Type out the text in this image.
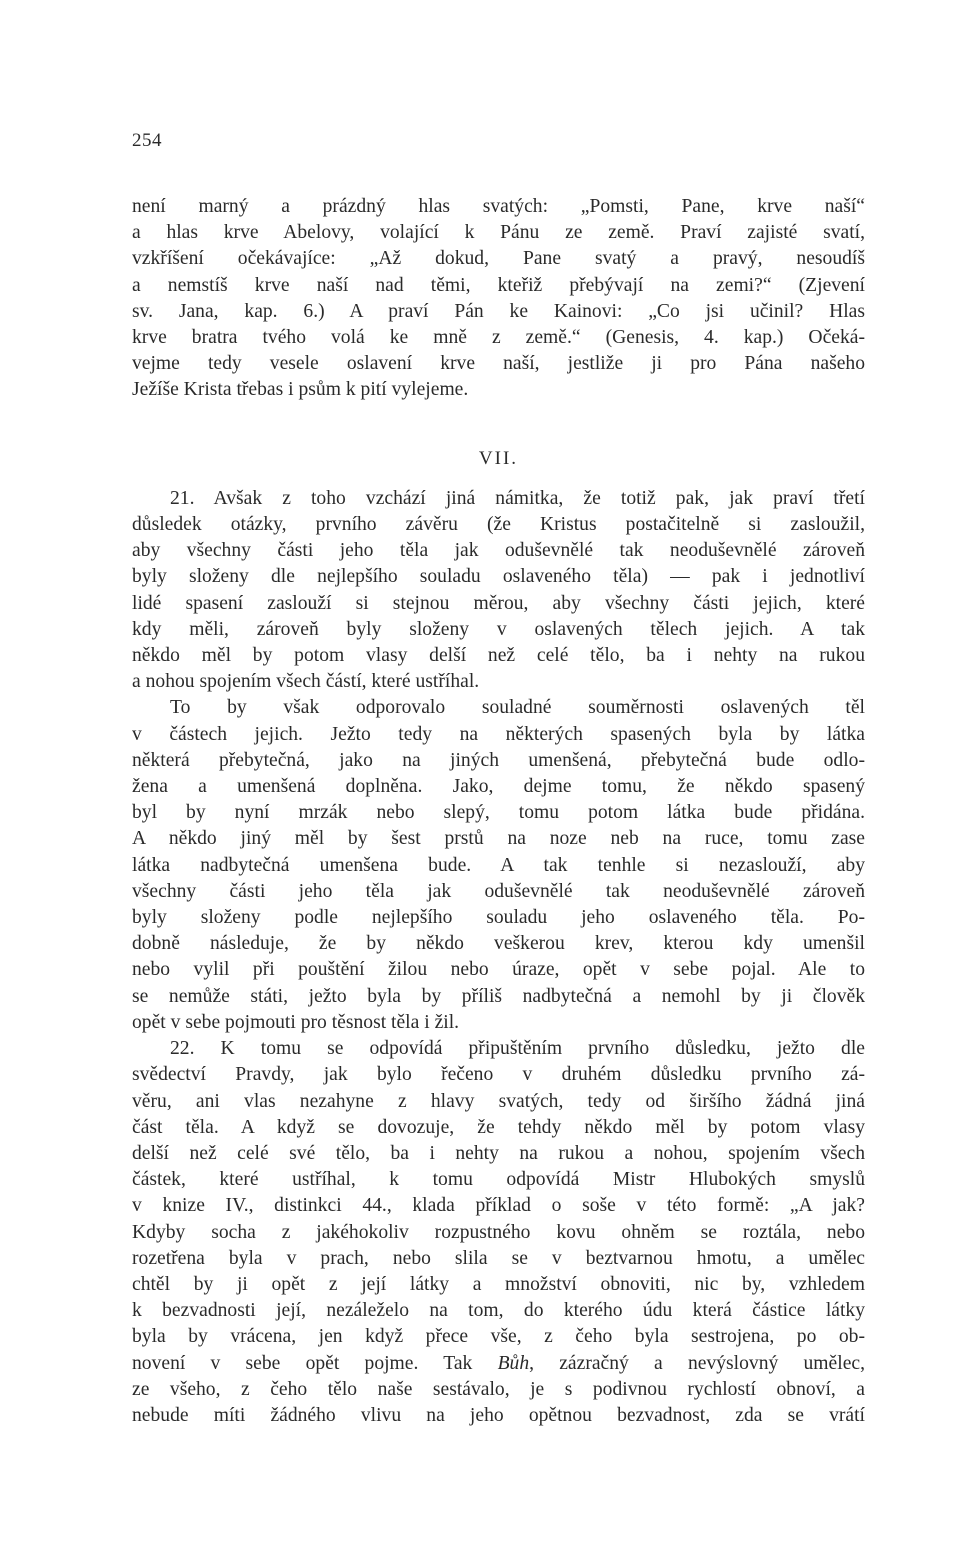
254

není marný a prázdný hlas svatých: „Pomsti, Pane, krve naší“
a hlas krve Abelovy, volající k Pánu ze země. Praví zajisté svatí,
vzkříšení očekávajíce: „Až dokud, Pane svatý a pravý, nesoudíš
a nemstíš krve naší nad těmi, kteřiž přebývají na zemi?“ (Zjevení
sv. Jana, kap. 6.) A praví Pán ke Kainovi: „Co jsi učinil? Hlas
krve bratra tvého volá ke mně z země.“ (Genesis, 4. kap.) Očeká-
vejme tedy vesele oslavení krve naší, jestliže ji pro Pána našeho
Ježíše Krista třebas i psům k pití vylejeme.

VII.

21. Avšak z toho vzchází jiná námitka, že totiž pak, jak praví třetí
důsledek otázky, prvního závěru (že Kristus postačitelně si zasloužil,
aby všechny části jeho těla jak oduševnělé tak neoduševnělé zároveň
byly složeny dle nejlepšího souladu oslaveného těla) — pak i jednotliví
lidé spasení zaslouží si stejnou měrou, aby všechny části jejich, které
kdy měli, zároveň byly složeny v oslavených tělech jejich. A tak
někdo měl by potom vlasy delší než celé tělo, ba i nehty na rukou
a nohou spojením všech částí, které ustříhal.

To by však odporovalo souladné souměrnosti oslavených těl
v částech jejich. Ježto tedy na některých spasených byla by látka
některá přebytečná, jako na jiných umenšená, přebytečná bude odlo-
žena a umenšená doplněna. Jako, dejme tomu, že někdo spasený
byl by nyní mrzák nebo slepý, tomu potom látka bude přidána.
A někdo jiný měl by šest prstů na noze neb na ruce, tomu zase
látka nadbytečná umenšena bude. A tak tenhle si nezaslouží, aby
všechny části jeho těla jak oduševnělé tak neoduševnělé zároveň
byly složeny podle nejlepšího souladu jeho oslaveného těla. Po-
dobně následuje, že by někdo veškerou krev, kterou kdy umenšil
nebo vylil při pouštění žilou nebo úraze, opět v sebe pojal. Ale to
se nemůže státi, ježto byla by příliš nadbytečná a nemohl by ji člověk
opět v sebe pojmouti pro těsnost těla i žil.

22. K tomu se odpovídá připuštěním prvního důsledku, ježto dle
svědectví Pravdy, jak bylo řečeno v druhém důsledku prvního zá-
věru, ani vlas nezahyne z hlavy svatých, tedy od širšího žádná jiná
část těla. A když se dovozuje, že tehdy někdo měl by potom vlasy
delší než celé své tělo, ba i nehty na rukou a nohou, spojením všech
částek, které ustříhal, k tomu odpovídá Mistr Hlubokých smyslů
v knize IV., distinkci 44., klada příklad o soše v této formě: „A jak?
Kdyby socha z jakéhokoliv rozpustného kovu ohněm se roztála, nebo
rozetřena byla v prach, nebo slila se v beztvarnou hmotu, a umělec
chtěl by ji opět z její látky a množství obnoviti, nic by, vzhledem
k bezvadnosti její, nezáleželo na tom, do kterého údu která částice látky
byla by vrácena, jen když přece vše, z čeho byla sestrojena, po ob-
novení v sebe opět pojme. Tak Bůh, zázračný a nevýslovný umělec,
ze všeho, z čeho tělo naše sestávalo, je s podivnou rychlostí obnoví, a
nebude míti žádného vlivu na jeho opětnou bezvadnost, zda se vrátí
